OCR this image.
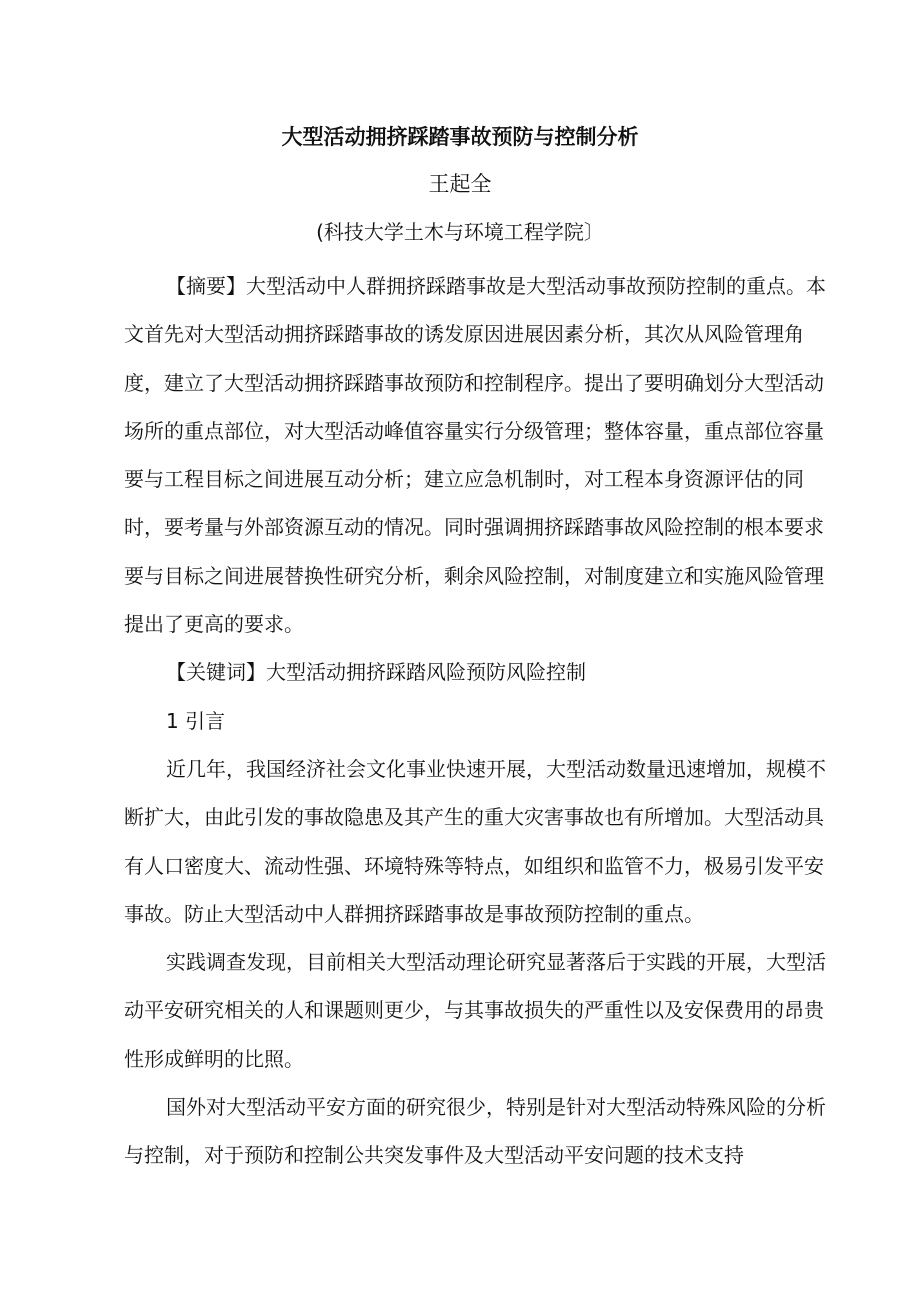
大型活动拥挤踩踏事故预防与控制分析
王起全
(科技大学土木与环境工程学院〕

【摘要】大型活动中人群拥挤踩踏事故是大型活动事故预防控制的重点。本文首先对大型活动拥挤踩踏事故的诱发原因进展因素分析，其次从风险管理角度，建立了大型活动拥挤踩踏事故预防和控制程序。提出了要明确划分大型活动场所的重点部位，对大型活动峰值容量实行分级管理；整体容量，重点部位容量要与工程目标之间进展互动分析；建立应急机制时，对工程本身资源评估的同时，要考量与外部资源互动的情况。同时强调拥挤踩踏事故风险控制的根本要求要与目标之间进展替换性研究分析，剩余风险控制，对制度建立和实施风险管理提出了更高的要求。

【关键词】大型活动拥挤踩踏风险预防风险控制

1 引言

近几年，我国经济社会文化事业快速开展，大型活动数量迅速增加，规模不断扩大，由此引发的事故隐患及其产生的重大灾害事故也有所增加。大型活动具有人口密度大、流动性强、环境特殊等特点，如组织和监管不力，极易引发平安事故。防止大型活动中人群拥挤踩踏事故是事故预防控制的重点。

实践调查发现，目前相关大型活动理论研究显著落后于实践的开展，大型活动平安研究相关的人和课题则更少，与其事故损失的严重性以及安保费用的昂贵性形成鲜明的比照。

国外对大型活动平安方面的研究很少，特别是针对大型活动特殊风险的分析与控制，对于预防和控制公共突发事件及大型活动平安问题的技术支持
